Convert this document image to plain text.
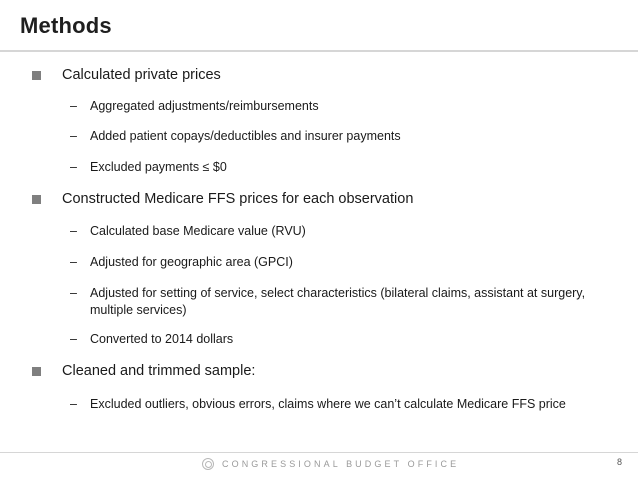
Methods
Calculated private prices
– Aggregated adjustments/reimbursements
– Added patient copays/deductibles and insurer payments
– Excluded payments ≤ $0
Constructed Medicare FFS prices for each observation
– Calculated base Medicare value (RVU)
– Adjusted for geographic area (GPCI)
– Adjusted for setting of service, select characteristics (bilateral claims, assistant at surgery, multiple services)
– Converted to 2014 dollars
Cleaned and trimmed sample:
– Excluded outliers, obvious errors, claims where we can’t calculate Medicare FFS price
CONGRESSIONAL BUDGET OFFICE	8
